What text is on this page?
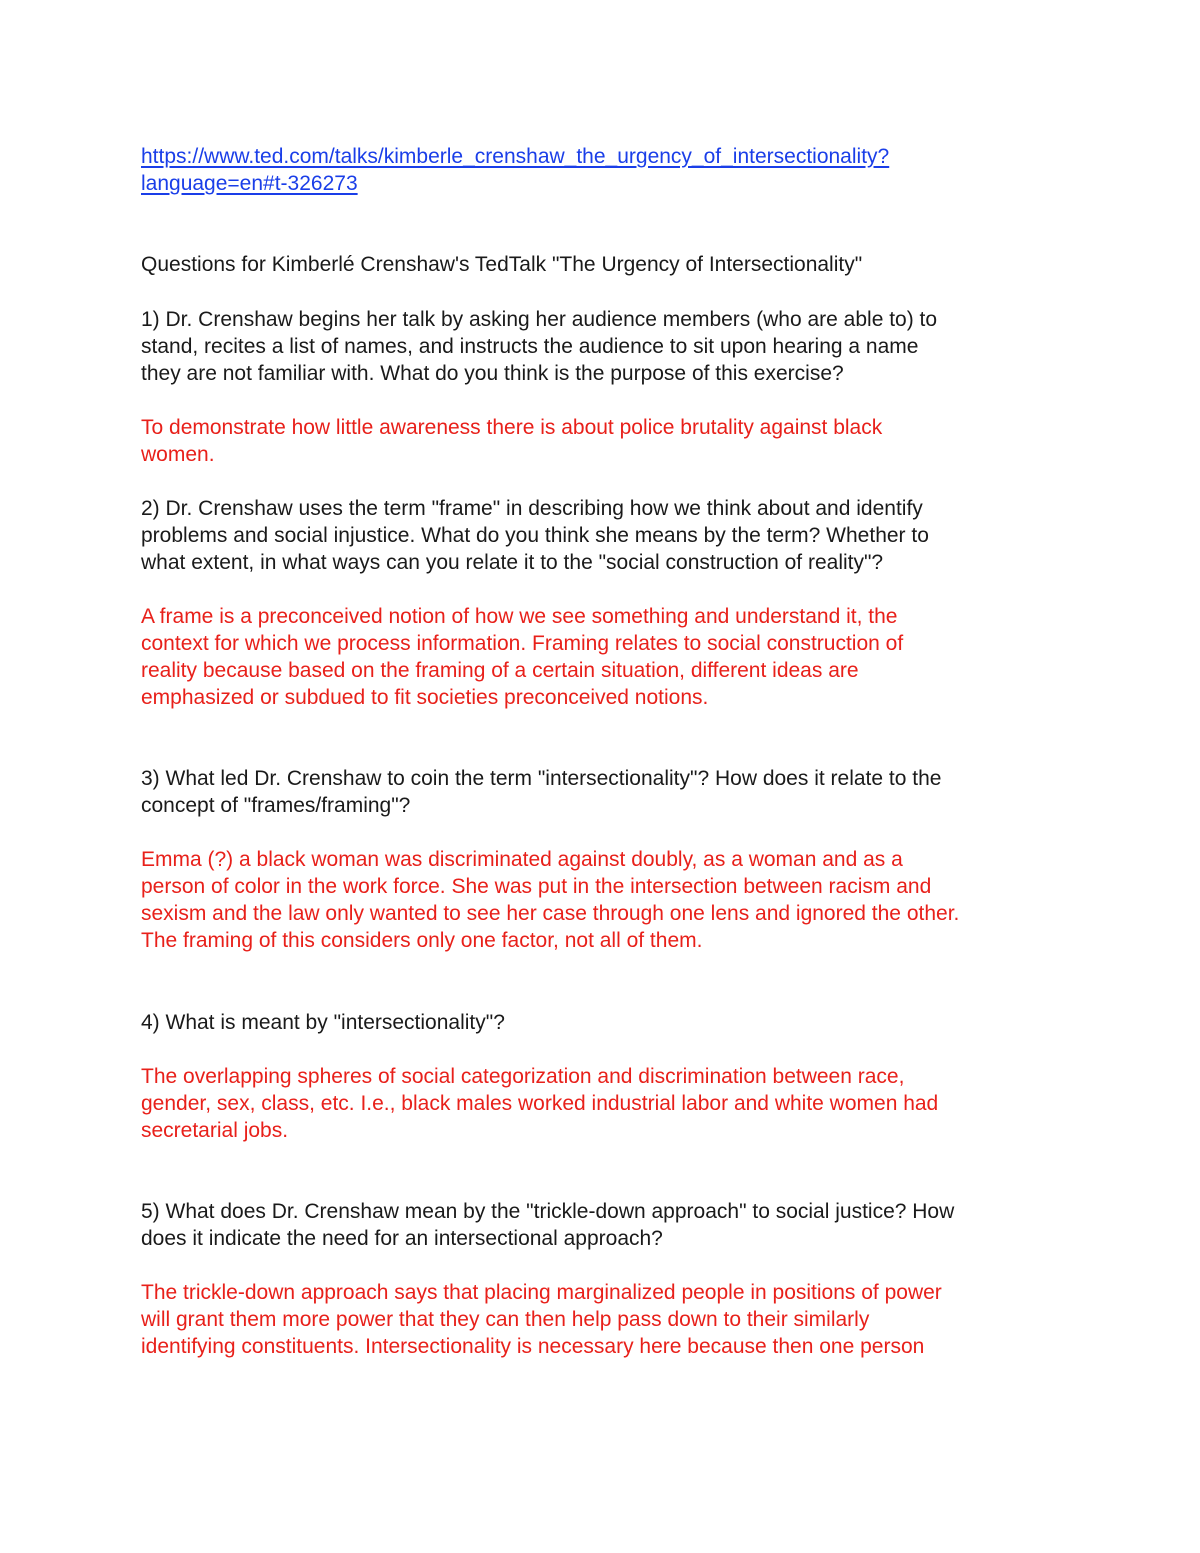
https://www.ted.com/talks/kimberle_crenshaw_the_urgency_of_intersectionality?
language=en#t-326273

Questions for Kimberlé Crenshaw's TedTalk "The Urgency of Intersectionality"

1) Dr. Crenshaw begins her talk by asking her audience members (who are able to) to
stand, recites a list of names, and instructs the audience to sit upon hearing a name
they are not familiar with. What do you think is the purpose of this exercise?

To demonstrate how little awareness there is about police brutality against black
women.

2) Dr. Crenshaw uses the term "frame" in describing how we think about and identify
problems and social injustice. What do you think she means by the term? Whether to
what extent, in what ways can you relate it to the "social construction of reality"?

A frame is a preconceived notion of how we see something and understand it, the
context for which we process information. Framing relates to social construction of
reality because based on the framing of a certain situation, different ideas are
emphasized or subdued to fit societies preconceived notions.

3) What led Dr. Crenshaw to coin the term "intersectionality"? How does it relate to the
concept of "frames/framing"?

Emma (?) a black woman was discriminated against doubly, as a woman and as a
person of color in the work force. She was put in the intersection between racism and
sexism and the law only wanted to see her case through one lens and ignored the other.
The framing of this considers only one factor, not all of them.

4) What is meant by "intersectionality"?

The overlapping spheres of social categorization and discrimination between race,
gender, sex, class, etc. I.e., black males worked industrial labor and white women had
secretarial jobs.

5) What does Dr. Crenshaw mean by the "trickle-down approach" to social justice? How
does it indicate the need for an intersectional approach?

The trickle-down approach says that placing marginalized people in positions of power
will grant them more power that they can then help pass down to their similarly
identifying constituents. Intersectionality is necessary here because then one person
